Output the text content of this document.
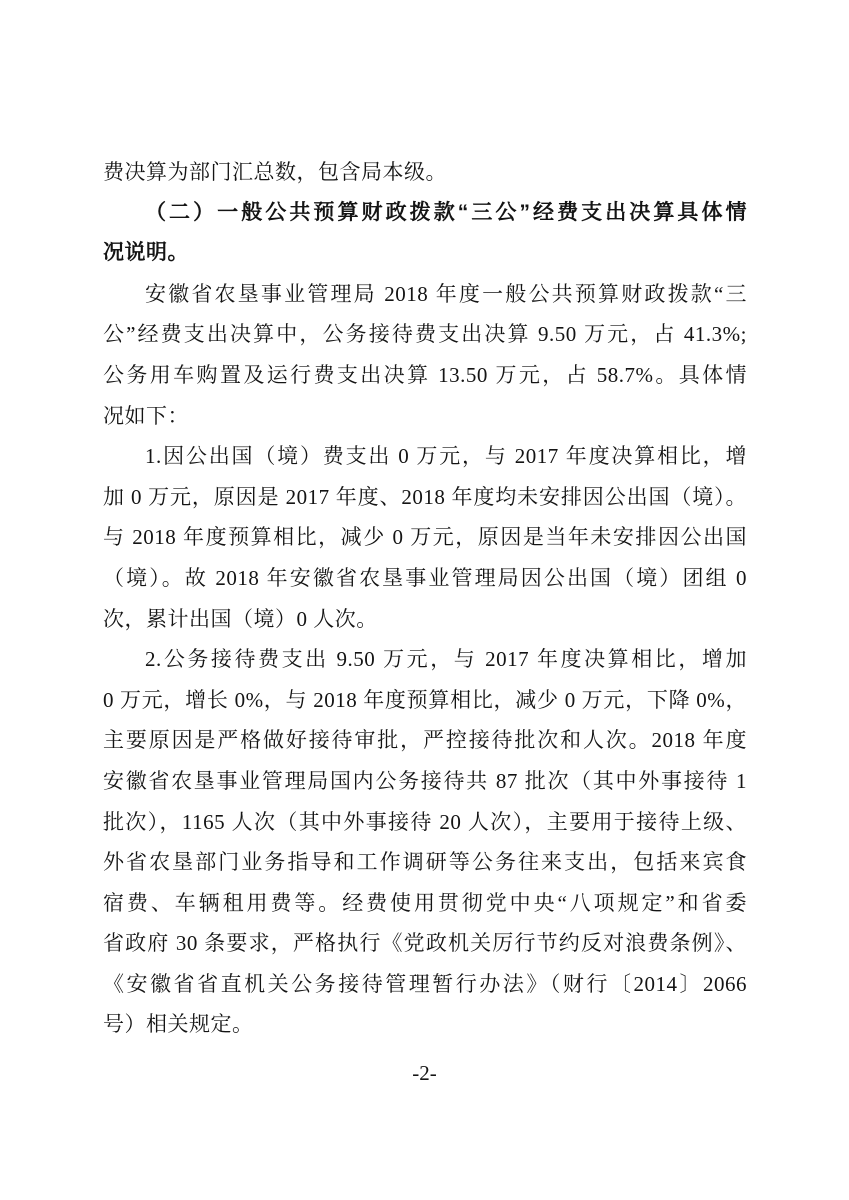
费决算为部门汇总数，包含局本级。
（二）一般公共预算财政拨款“三公”经费支出决算具体情
况说明。
安徽省农垦事业管理局 2018 年度一般公共预算财政拨款“三
公”经费支出决算中，公务接待费支出决算 9.50 万元，占 41.3%;
公务用车购置及运行费支出决算 13.50 万元，占 58.7%。具体情
况如下：
1.因公出国（境）费支出 0 万元，与 2017 年度决算相比，增
加 0 万元，原因是 2017 年度、2018 年度均未安排因公出国（境）。
与 2018 年度预算相比，减少 0 万元，原因是当年未安排因公出国
（境）。故 2018 年安徽省农垦事业管理局因公出国（境）团组 0
次，累计出国（境）0 人次。
2.公务接待费支出 9.50 万元，与 2017 年度决算相比，增加
0 万元，增长 0%，与 2018 年度预算相比，减少 0 万元，下降 0%，
主要原因是严格做好接待审批，严控接待批次和人次。2018 年度
安徽省农垦事业管理局国内公务接待共 87 批次（其中外事接待 1
批次），1165 人次（其中外事接待 20 人次），主要用于接待上级、
外省农垦部门业务指导和工作调研等公务往来支出，包括来宾食
宿费、车辆租用费等。经费使用贯彻党中央“八项规定”和省委
省政府 30 条要求，严格执行《党政机关厉行节约反对浪费条例》、
《安徽省省直机关公务接待管理暂行办法》（财行〔2014〕2066
号）相关规定。
-2-
